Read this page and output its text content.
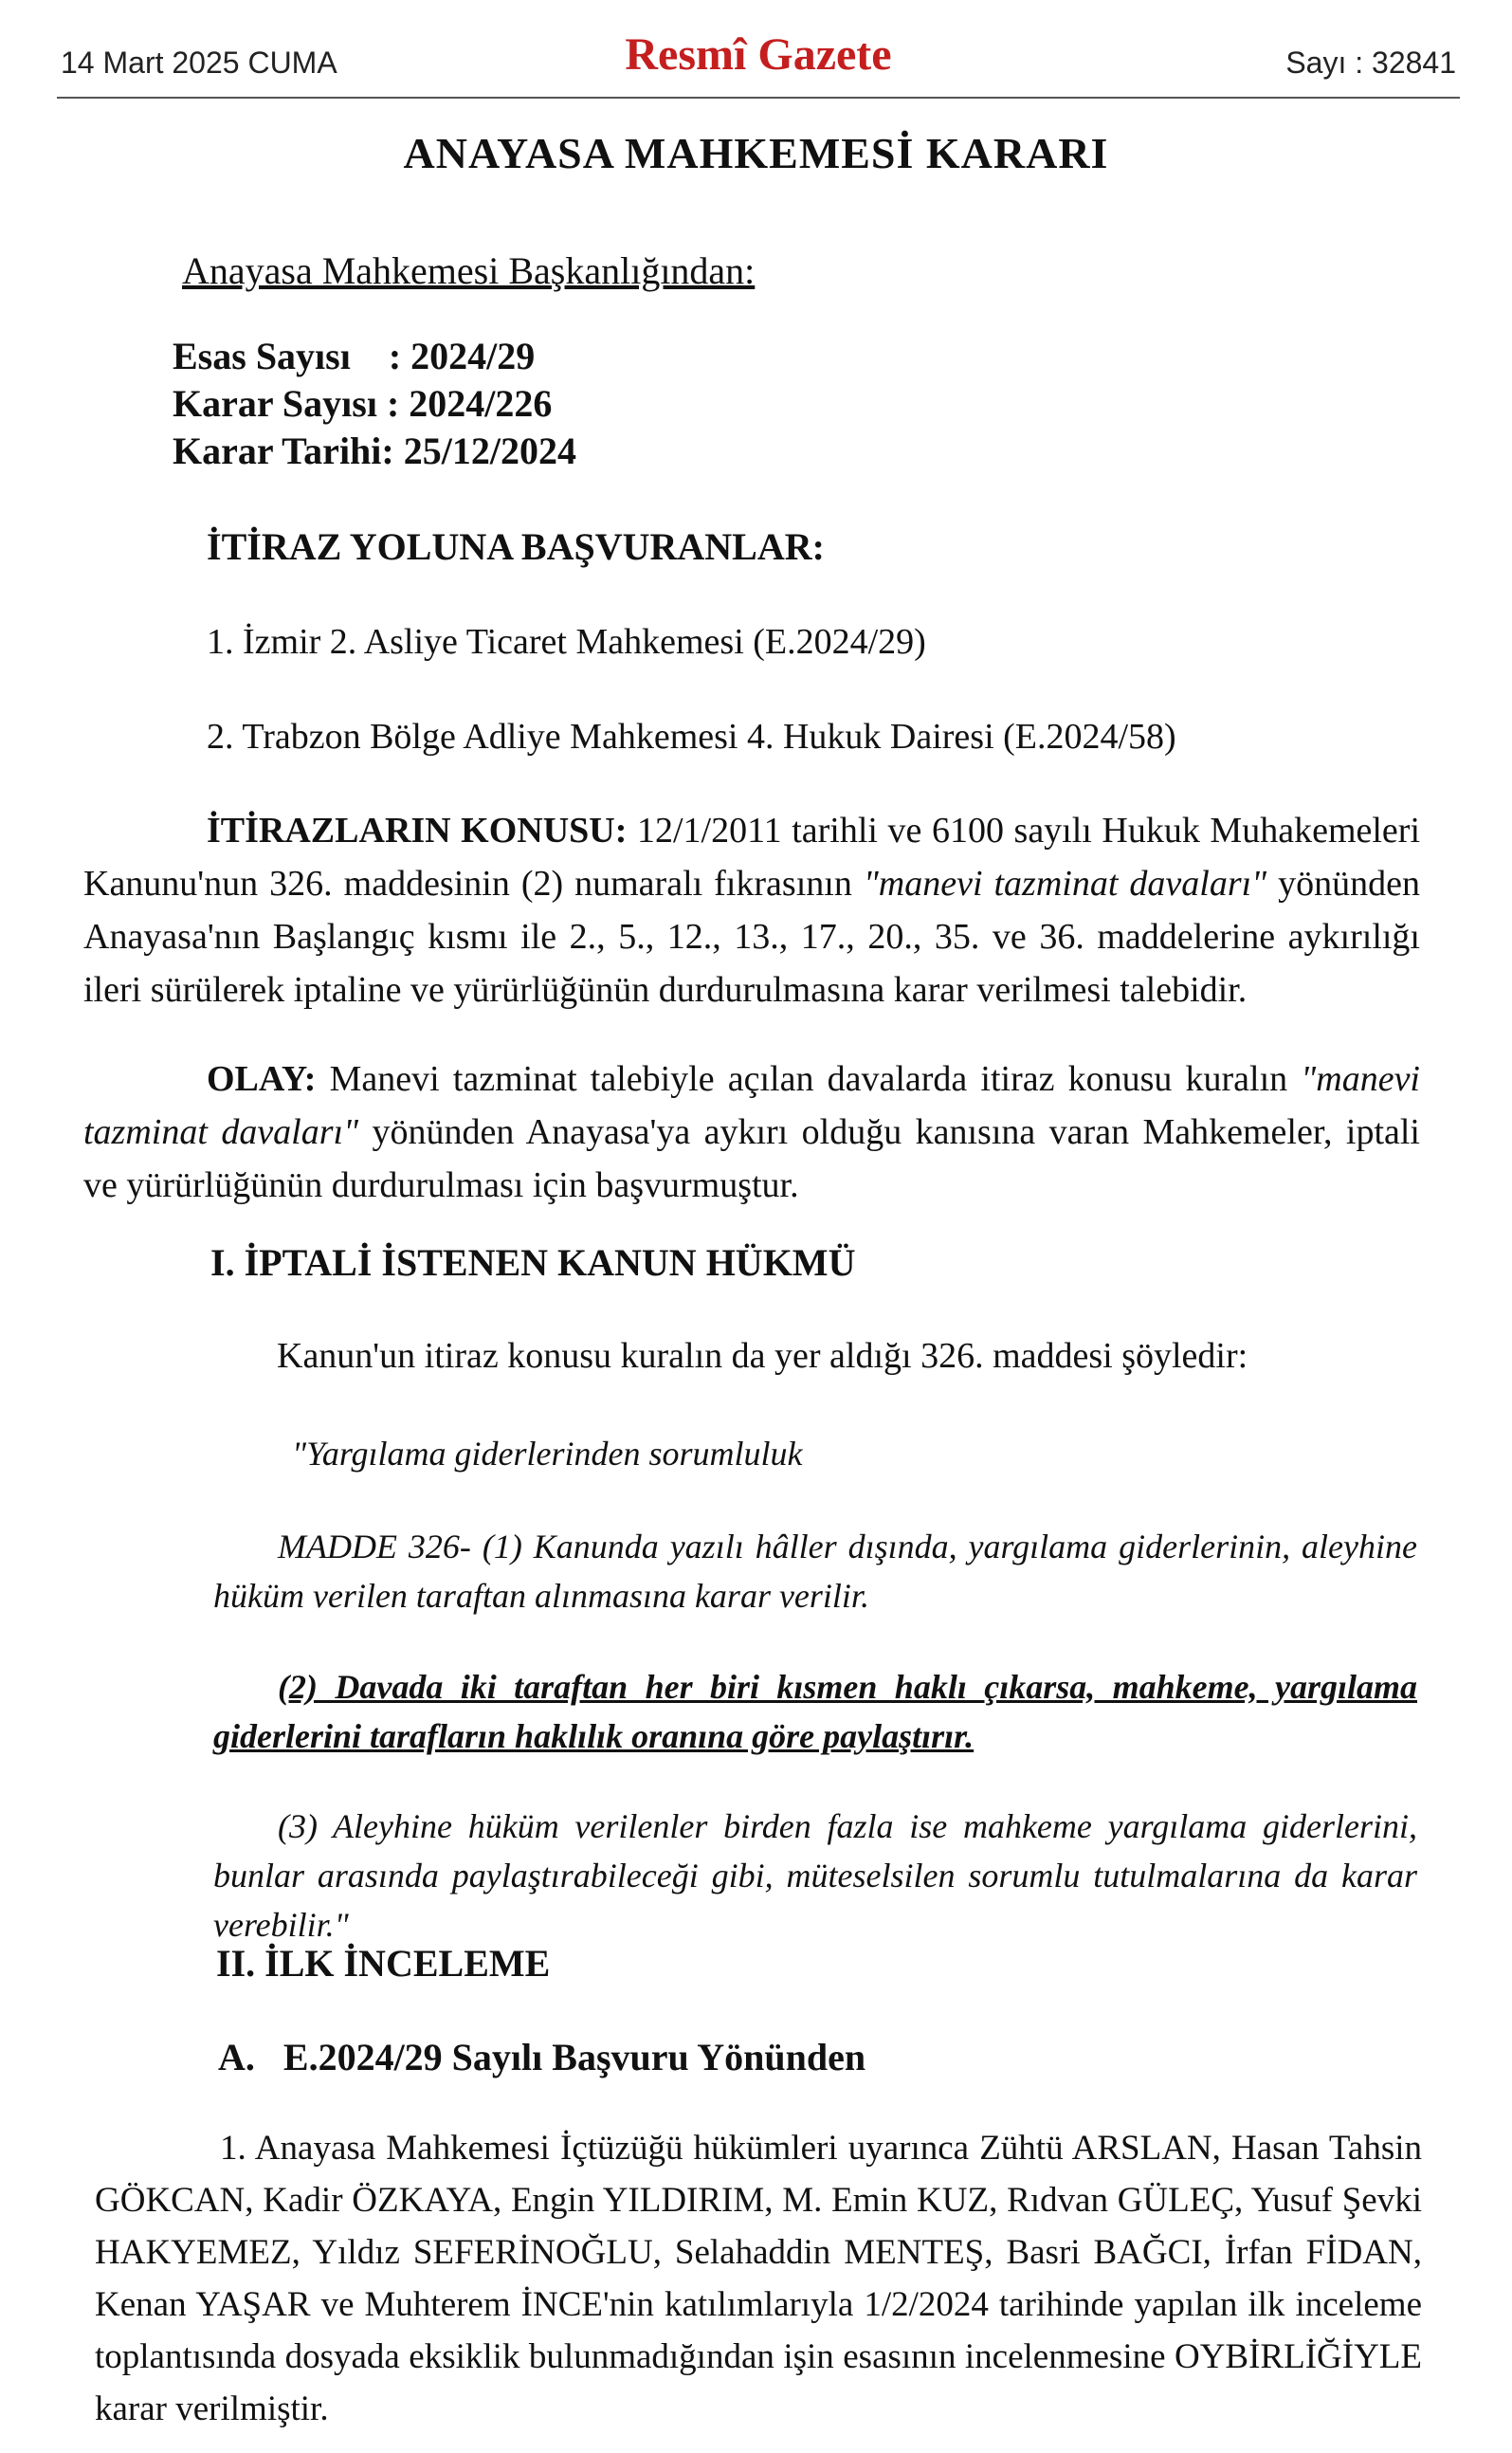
14 Mart 2025 CUMA	Resmî Gazete	Sayı : 32841
ANAYASA MAHKEMESİ KARARI
Anayasa Mahkemesi Başkanlığından:
Esas Sayısı    : 2024/29
Karar Sayısı : 2024/226
Karar Tarihi: 25/12/2024
İTİRAZ YOLUNA BAŞVURANLAR:
1. İzmir 2. Asliye Ticaret Mahkemesi (E.2024/29)
2. Trabzon Bölge Adliye Mahkemesi 4. Hukuk Dairesi (E.2024/58)
İTİRAZLARIN KONUSU: 12/1/2011 tarihli ve 6100 sayılı Hukuk Muhakemeleri Kanunu'nun 326. maddesinin (2) numaralı fıkrasının "manevi tazminat davaları" yönünden Anayasa'nın Başlangıç kısmı ile 2., 5., 12., 13., 17., 20., 35. ve 36. maddelerine aykırılığı ileri sürülerek iptaline ve yürürlüğünün durdurulmasına karar verilmesi talebidir.
OLAY: Manevi tazminat talebiyle açılan davalarda itiraz konusu kuralın "manevi tazminat davaları" yönünden Anayasa'ya aykırı olduğu kanısına varan Mahkemeler, iptali ve yürürlüğünün durdurulması için başvurmuştur.
I. İPTALİ İSTENEN KANUN HÜKMÜ
Kanun'un itiraz konusu kuralın da yer aldığı 326. maddesi şöyledir:
"Yargılama giderlerinden sorumluluk
MADDE 326- (1) Kanunda yazılı hâller dışında, yargılama giderlerinin, aleyhine hüküm verilen taraftan alınmasına karar verilir.
(2) Davada iki taraftan her biri kısmen haklı çıkarsa, mahkeme, yargılama giderlerini tarafların haklılık oranına göre paylaştırır.
(3) Aleyhine hüküm verilenler birden fazla ise mahkeme yargılama giderlerini, bunlar arasında paylaştırabileceği gibi, müteselsilen sorumlu tutulmalarına da karar verebilir."
II. İLK İNCELEME
A.   E.2024/29 Sayılı Başvuru Yönünden
1. Anayasa Mahkemesi İçtüzüğü hükümleri uyarınca Zühtü ARSLAN, Hasan Tahsin GÖKCAN, Kadir ÖZKAYA, Engin YILDIRIM, M. Emin KUZ, Rıdvan GÜLEÇ, Yusuf Şevki HAKYEMEZ, Yıldız SEFERİNOĞLU, Selahaddin MENTEŞ, Basri BAĞCI, İrfan FİDAN, Kenan YAŞAR ve Muhterem İNCE'nin katılımlarıyla 1/2/2024 tarihinde yapılan ilk inceleme toplantısında dosyada eksiklik bulunmadığından işin esasının incelenmesine OYBİRLİĞİYLE karar verilmiştir.
